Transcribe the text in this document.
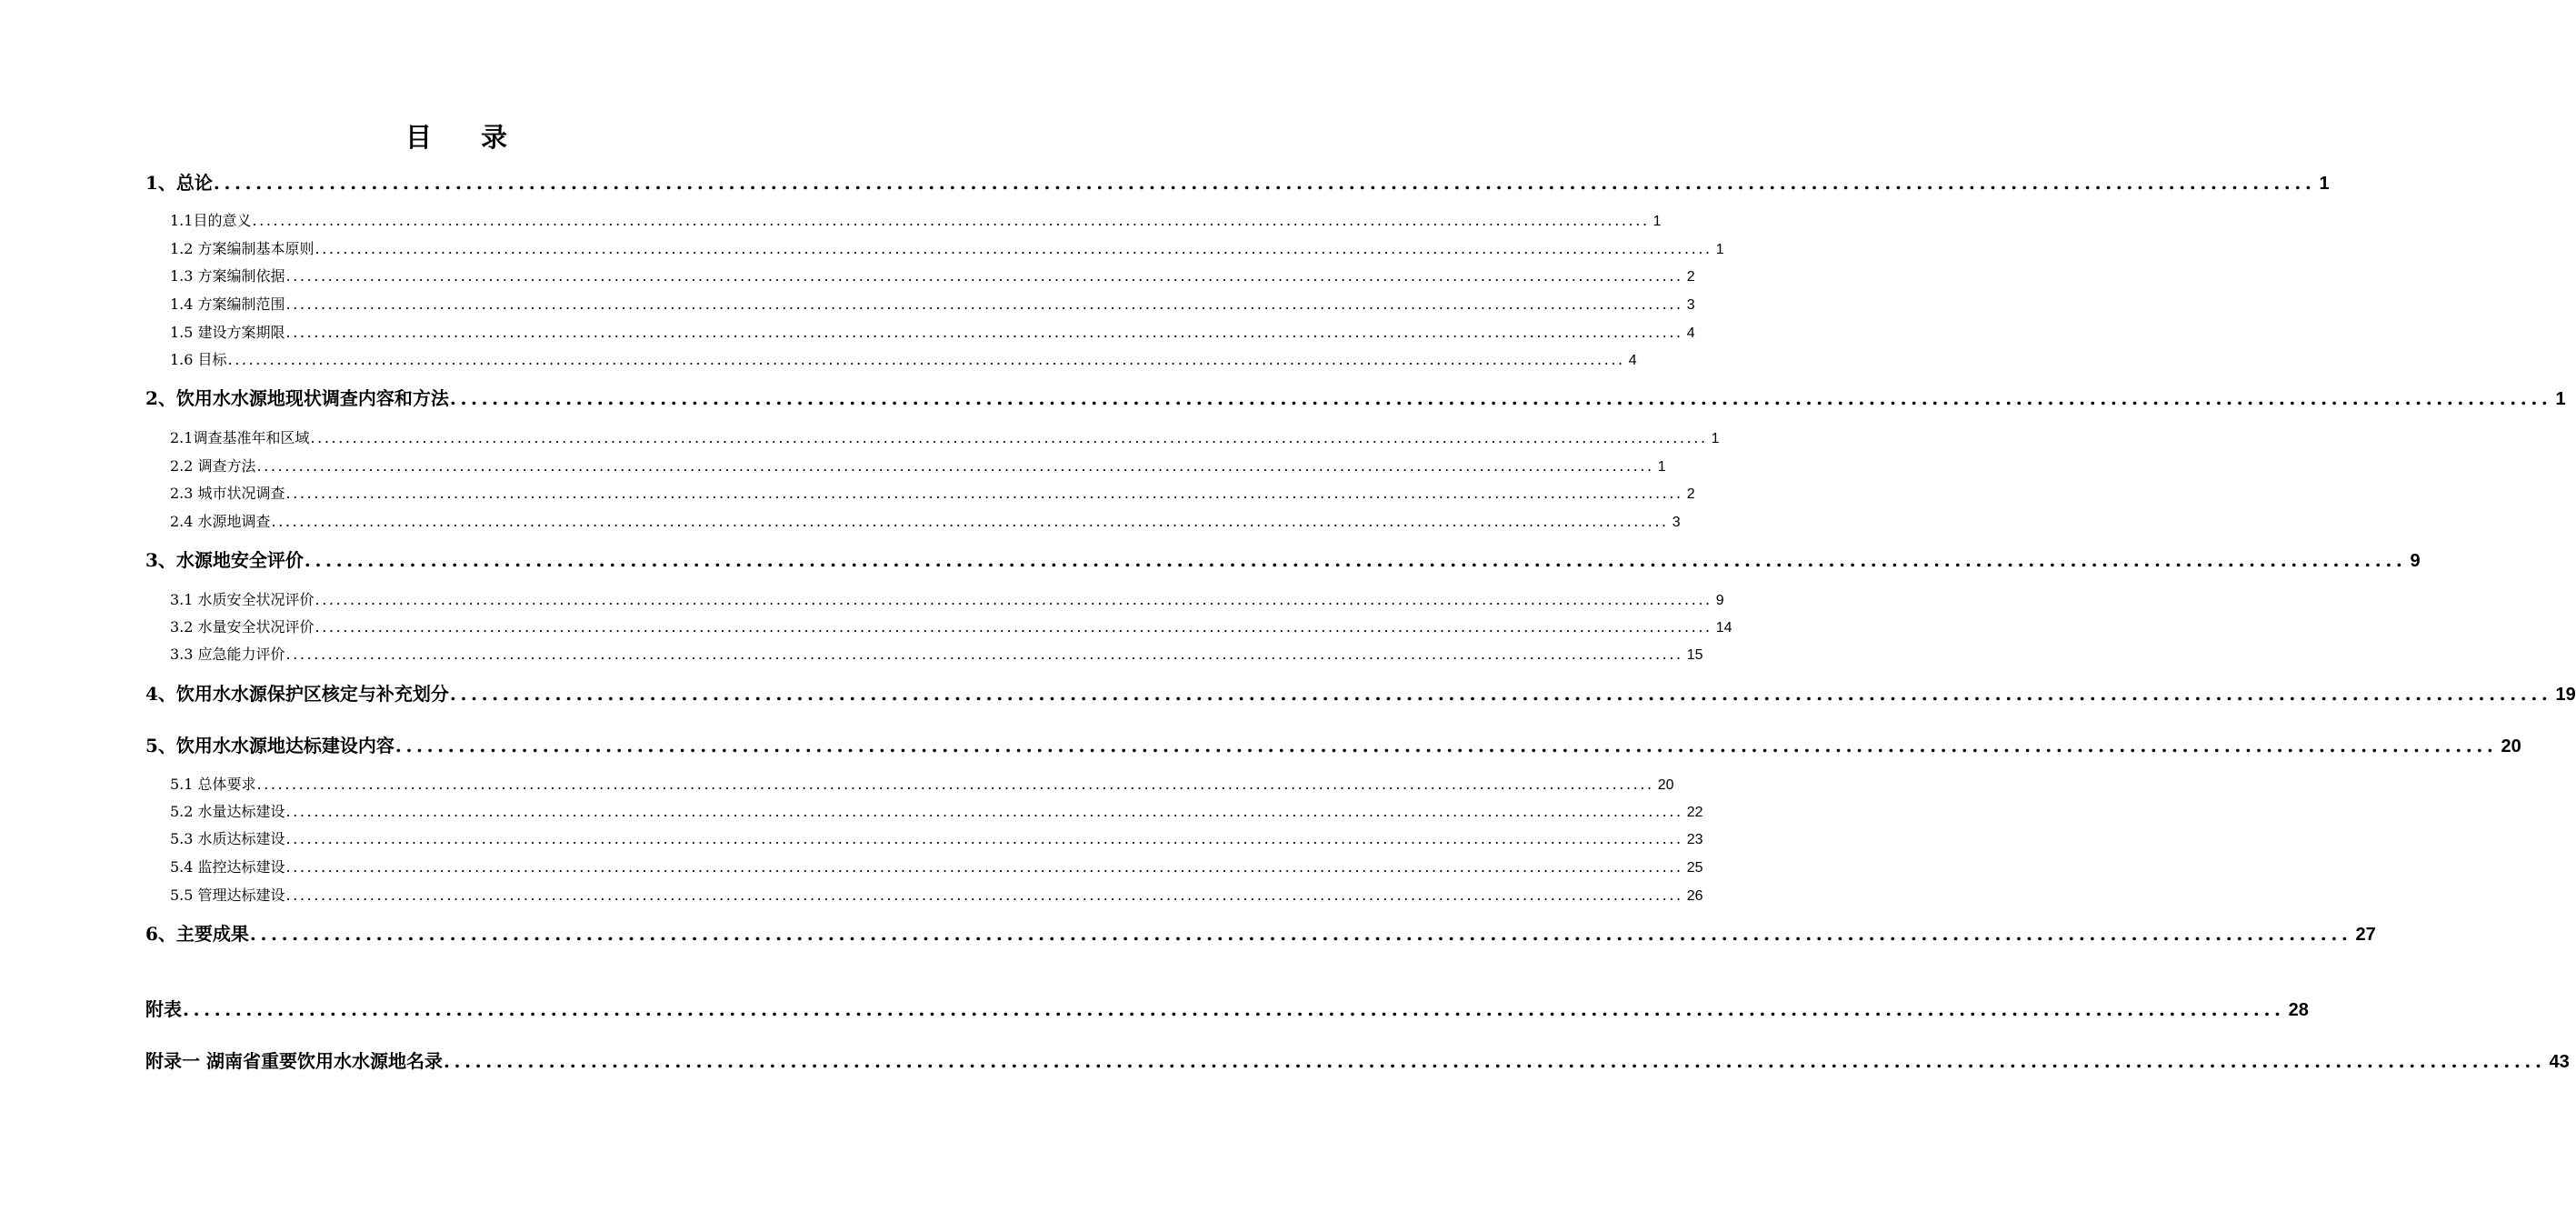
目 录
1、总论 ........................................................................................................................................................................................................ 1
1.1目的意义 ........................................................................................................................................................................................................ 1
1.2 方案编制基本原则 ........................................................................................................................................................................................................ 1
1.3 方案编制依据 ........................................................................................................................................................................................................ 2
1.4 方案编制范围 ........................................................................................................................................................................................................ 3
1.5 建设方案期限 ........................................................................................................................................................................................................ 4
1.6 目标 ........................................................................................................................................................................................................ 4
2、饮用水水源地现状调查内容和方法 ........................................................................................................................................................................................................ 1
2.1调查基准年和区域 ........................................................................................................................................................................................................ 1
2.2 调查方法 ........................................................................................................................................................................................................ 1
2.3 城市状况调查 ........................................................................................................................................................................................................ 2
2.4 水源地调查 ........................................................................................................................................................................................................ 3
3、水源地安全评价 ........................................................................................................................................................................................................ 9
3.1 水质安全状况评价 ........................................................................................................................................................................................................ 9
3.2 水量安全状况评价 ........................................................................................................................................................................................................ 14
3.3 应急能力评价 ........................................................................................................................................................................................................ 15
4、饮用水水源保护区核定与补充划分 ........................................................................................................................................................................................................ 19
5、饮用水水源地达标建设内容 ........................................................................................................................................................................................................ 20
5.1 总体要求 ........................................................................................................................................................................................................ 20
5.2 水量达标建设 ........................................................................................................................................................................................................ 22
5.3 水质达标建设 ........................................................................................................................................................................................................ 23
5.4 监控达标建设 ........................................................................................................................................................................................................ 25
5.5 管理达标建设 ........................................................................................................................................................................................................ 26
6、主要成果 ........................................................................................................................................................................................................ 27
附表 ........................................................................................................................................................................................................ 28
附录一 湖南省重要饮用水水源地名录 ........................................................................................................................................................................................................ 43
